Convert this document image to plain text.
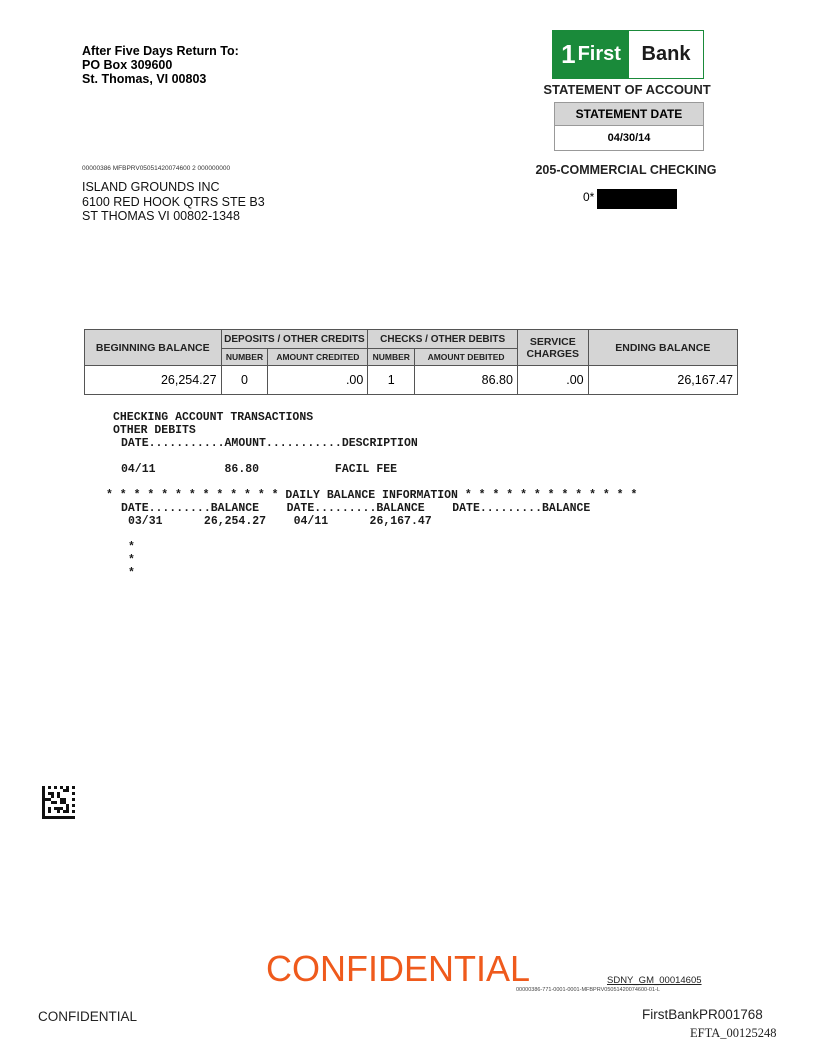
After Five Days Return To:
PO Box 309600
St. Thomas, VI 00803
1 First	Bank
STATEMENT OF ACCOUNT
STATEMENT DATE
04/30/14
205-COMMERCIAL CHECKING
0*
00000386 MFBPRV05051420074600 2 000000000
ISLAND GROUNDS INC
6100 RED HOOK QTRS STE B3
ST THOMAS VI 00802-1348
BEGINNING BALANCE	DEPOSITS / OTHER CREDITS		CHECKS / OTHER DEBITS		SERVICE CHARGES	ENDING BALANCE
	NUMBER	AMOUNT CREDITED	NUMBER	AMOUNT DEBITED		
26,254.27	0	.00	1	86.80	.00	26,167.47
CHECKING ACCOUNT TRANSACTIONS
OTHER DEBITS
DATE...........AMOUNT...........DESCRIPTION
04/11          86.80           FACIL FEE
* * * * * * * * * * * * * DAILY BALANCE INFORMATION * * * * * * * * * * * * *
DATE.........BALANCE    DATE.........BALANCE    DATE.........BALANCE
03/31      26,254.27    04/11      26,167.47
*
*
*
CONFIDENTIAL	SDNY_GM_00014605
00000386-771-0001-0001-MFBPRV05051420074600-01-L
CONFIDENTIAL	FirstBankPR001768
EFTA_00125248
